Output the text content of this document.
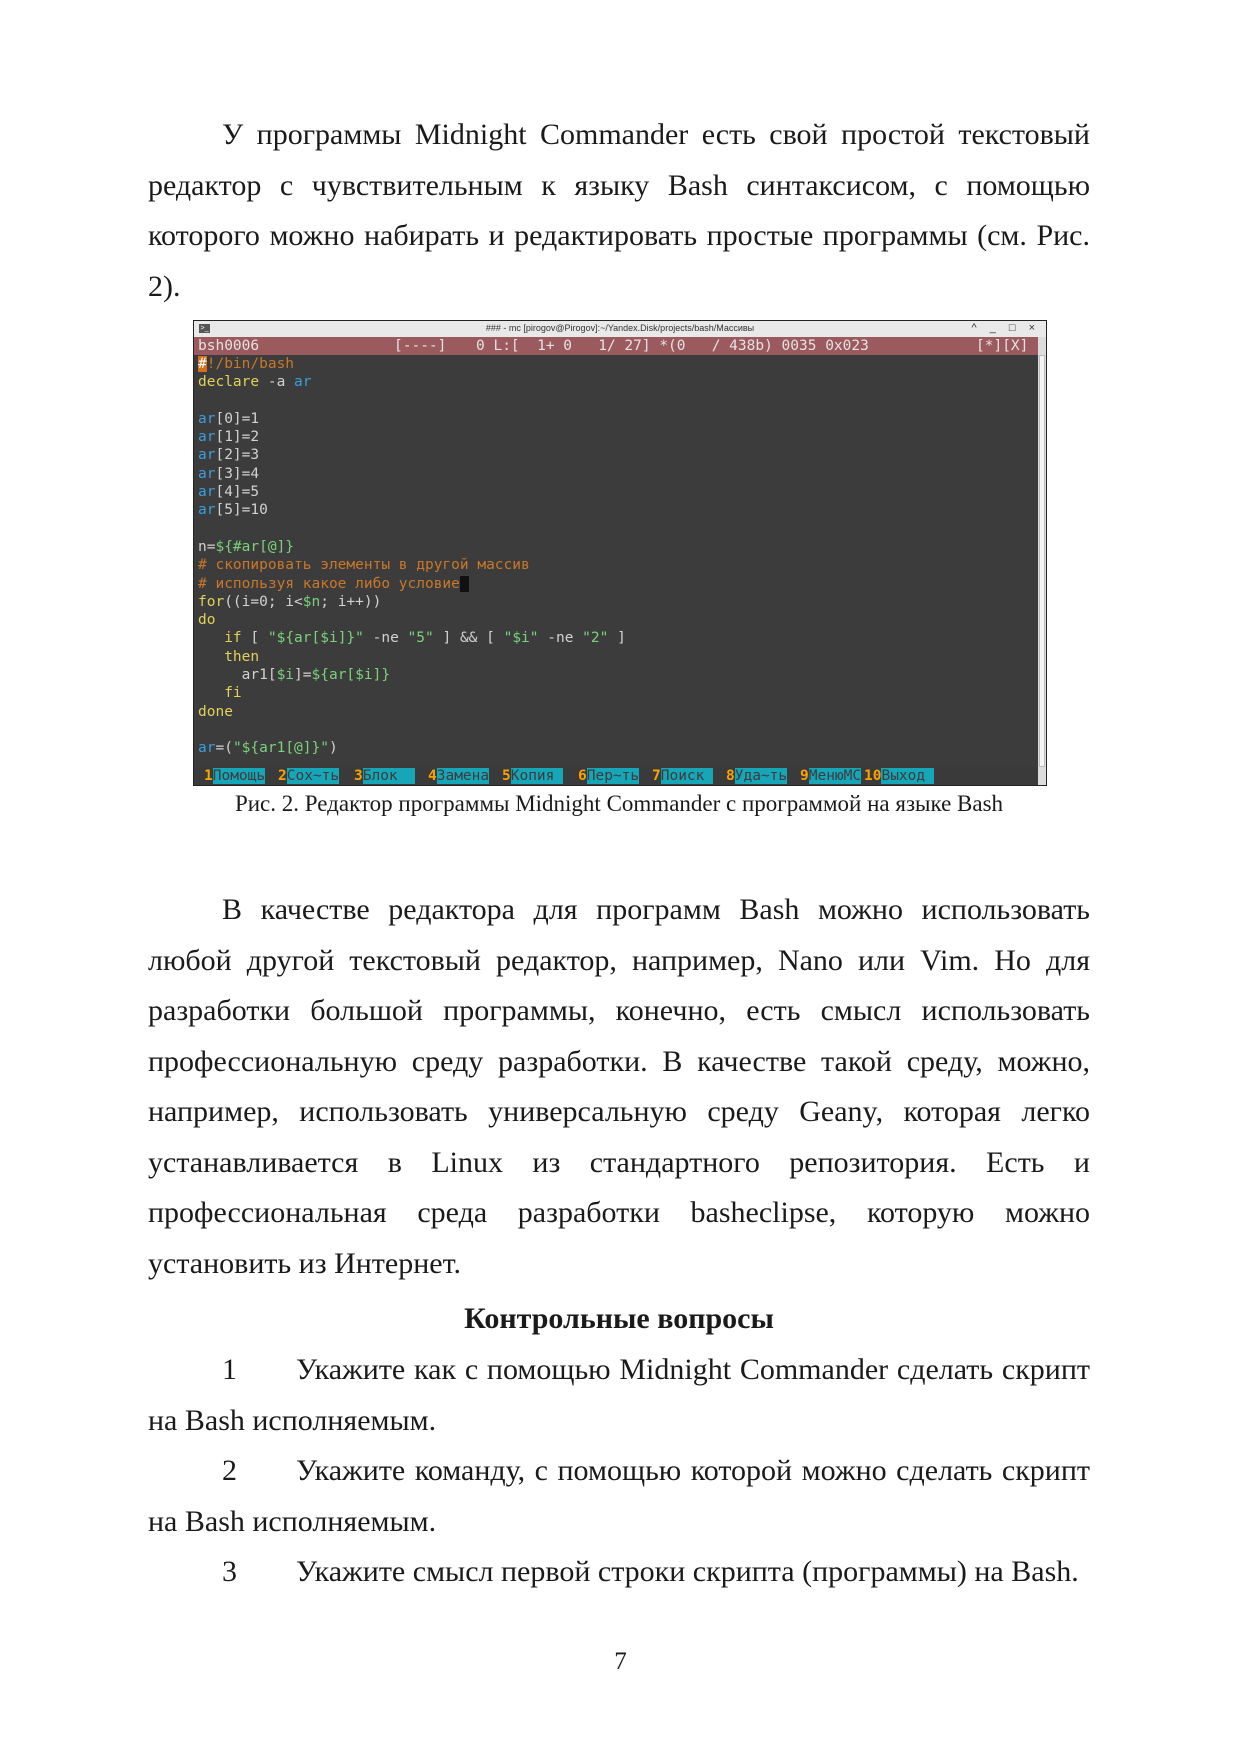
У программы Midnight Commander есть свой простой текстовый редактор с чувствительным к языку Bash синтаксисом, с помощью которого можно набирать и редактировать простые программы (см. Рис. 2).

>_	### - mc [pirogov@Pirogov]:~/Yandex.Disk/projects/bash/Массивы	^ _ □ ×

bsh0006

	[----]

0 L:[  1+ 0   1/ 27] *(0   / 438b) 0035 0x023

	[*][X]

#!/bin/bash
declare -a ar

ar[0]=1
ar[1]=2
ar[2]=3
ar[3]=4
ar[4]=5
ar[5]=10

n=${#ar[@]}
# скопировать элементы в другой массив
# используя какое либо условие
for((i=0; i<$n; i++))
do
if [ "${ar[$i]}" -ne "5" ] && [ "$i" -ne "2" ]
then
ar1[$i]=${ar[$i]}
fi
done

ar=("${ar1[@]}")
1Помощь 2Сох~ть 3Блок 4Замена 5Копия 6Пер~ть 7Поиск 8Уда~ть 9МенюMC 10Выход
Рис. 2. Редактор программы Midnight Commander с программой на языке Bash

В качестве редактора для программ Bash можно использовать любой другой текстовый редактор, например, Nano или Vim. Но для разработки большой программы, конечно, есть смысл использовать профессиональную среду разработки. В качестве такой среду, можно, например, использовать универсальную среду Geany, которая легко устанавливается в Linux из стандартного репозитория. Есть и профессиональная среда разработки basheclipse, которую можно установить из Интернет.

Контрольные вопросы

1 Укажите как с помощью Midnight Commander сделать скрипт на Bash исполняемым.

2 Укажите команду, с помощью которой можно сделать скрипт на Bash исполняемым.

3 Укажите смысл первой строки скрипта (программы) на Bash.

7
